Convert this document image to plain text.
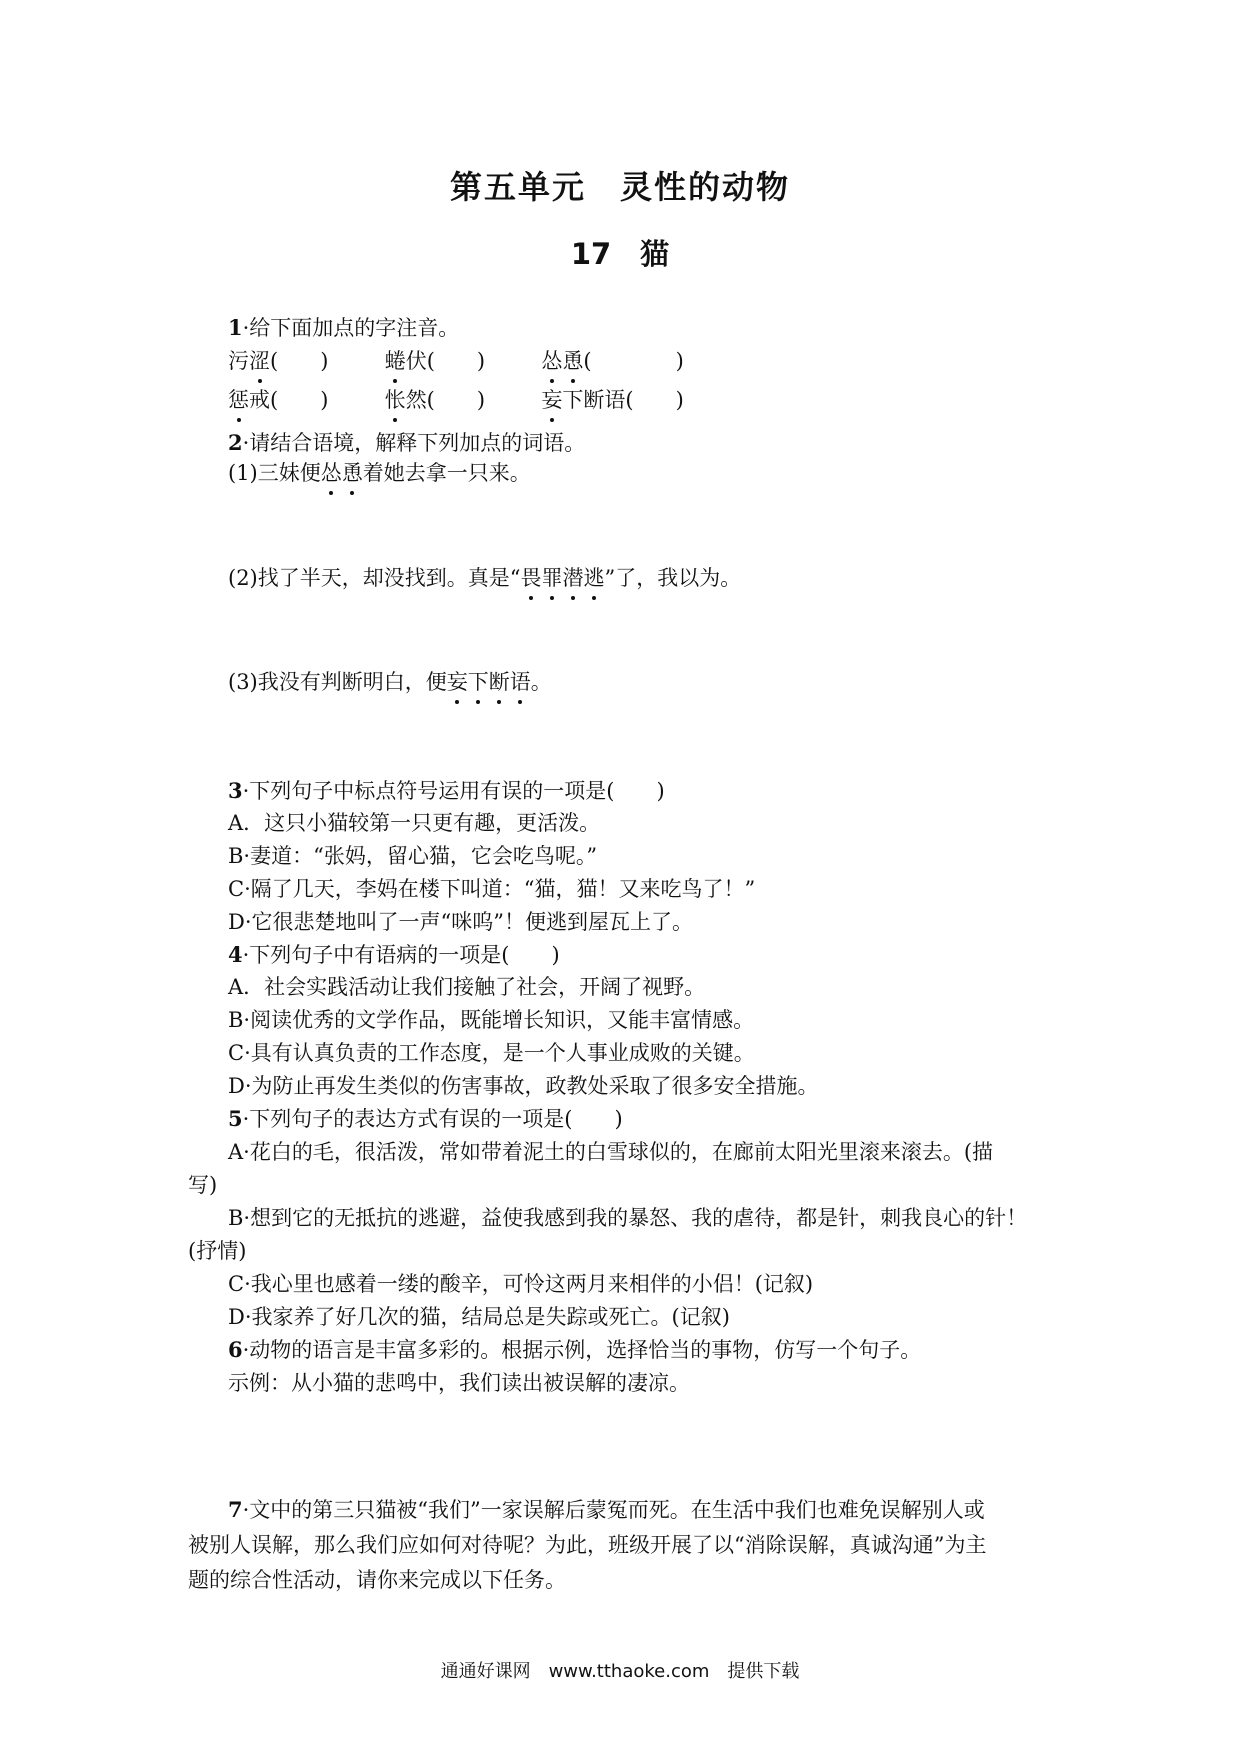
第五单元　灵性的动物
17　猫
1·给下面加点的字注音。
污涩(　　)	蜷伏(　　)	怂恿(　　　　)
惩戒(　　)	怅然(　　)	妄下断语(　　)
2·请结合语境，解释下列加点的词语。
(1)三妹便怂恿着她去拿一只来。
(2)找了半天，却没找到。真是“畏罪潜逃”了，我以为。
(3)我没有判断明白，便妄下断语。
3·下列句子中标点符号运用有误的一项是(　　)
A．这只小猫较第一只更有趣，更活泼。
B·妻道：“张妈，留心猫，它会吃鸟呢。”
C·隔了几天，李妈在楼下叫道：“猫，猫！又来吃鸟了！”
D·它很悲楚地叫了一声“咪呜”！便逃到屋瓦上了。
4·下列句子中有语病的一项是(　　)
A．社会实践活动让我们接触了社会，开阔了视野。
B·阅读优秀的文学作品，既能增长知识，又能丰富情感。
C·具有认真负责的工作态度，是一个人事业成败的关键。
D·为防止再发生类似的伤害事故，政教处采取了很多安全措施。
5·下列句子的表达方式有误的一项是(　　)
A·花白的毛，很活泼，常如带着泥土的白雪球似的，在廊前太阳光里滚来滚去。(描
写)
B·想到它的无抵抗的逃避，益使我感到我的暴怒、我的虐待，都是针，刺我良心的针！
(抒情)
C·我心里也感着一缕的酸辛，可怜这两月来相伴的小侣！(记叙)
D·我家养了好几次的猫，结局总是失踪或死亡。(记叙)
6·动物的语言是丰富多彩的。根据示例，选择恰当的事物，仿写一个句子。
示例：从小猫的悲鸣中，我们读出被误解的凄凉。
7·文中的第三只猫被“我们”一家误解后蒙冤而死。在生活中我们也难免误解别人或
被别人误解，那么我们应如何对待呢？为此，班级开展了以“消除误解，真诚沟通”为主
题的综合性活动，请你来完成以下任务。
通通好课网　www.tthaoke.com　提供下载
